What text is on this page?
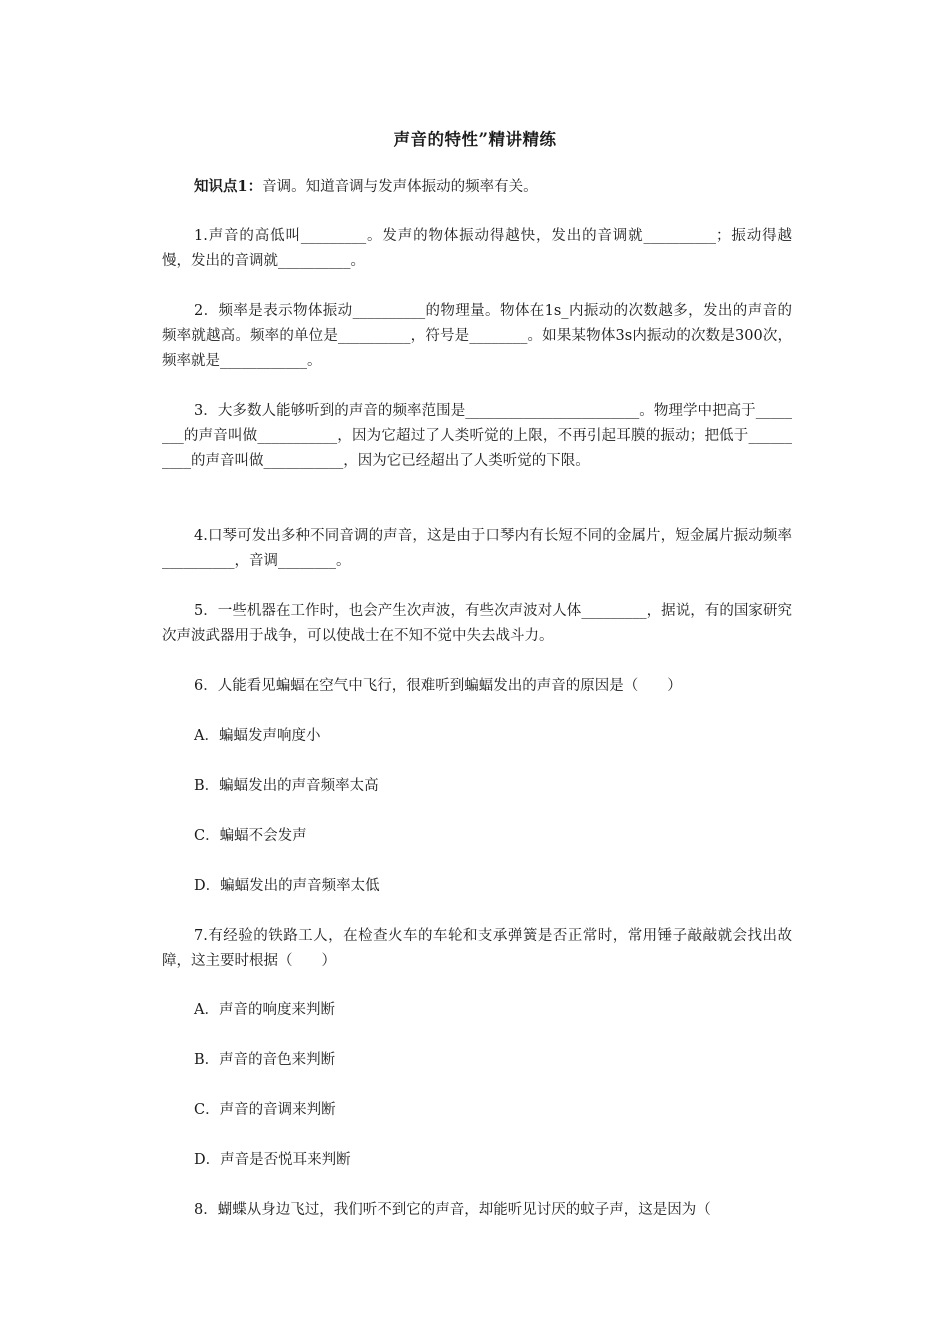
声音的特性”精讲精练
知识点1：音调。知道音调与发声体振动的频率有关。
1.声音的高低叫_________。发声的物体振动得越快，发出的音调就__________；振动得越慢，发出的音调就__________。
2．频率是表示物体振动__________的物理量。物体在1s_内振动的次数越多，发出的声音的频率就越高。频率的单位是__________，符号是________。如果某物体3s内振动的次数是300次，频率就是____________。
3．大多数人能够听到的声音的频率范围是________________________。物理学中把高于________的声音叫做___________，因为它超过了人类听觉的上限，不再引起耳膜的振动；把低于__________的声音叫做___________，因为它已经超出了人类听觉的下限。
4.口琴可发出多种不同音调的声音，这是由于口琴内有长短不同的金属片，短金属片振动频率__________，音调________。
5．一些机器在工作时，也会产生次声波，有些次声波对人体_________，据说，有的国家研究次声波武器用于战争，可以使战士在不知不觉中失去战斗力。
6．人能看见蝙蝠在空气中飞行，很难听到蝙蝠发出的声音的原因是（　　）
A．蝙蝠发声响度小
B．蝙蝠发出的声音频率太高
C．蝙蝠不会发声
D．蝙蝠发出的声音频率太低
7.有经验的铁路工人，在检查火车的车轮和支承弹簧是否正常时，常用锤子敲敲就会找出故障，这主要时根据（　　）
A．声音的响度来判断
B．声音的音色来判断
C．声音的音调来判断
D．声音是否悦耳来判断
8．蝴蝶从身边飞过，我们听不到它的声音，却能听见讨厌的蚊子声，这是因为（
